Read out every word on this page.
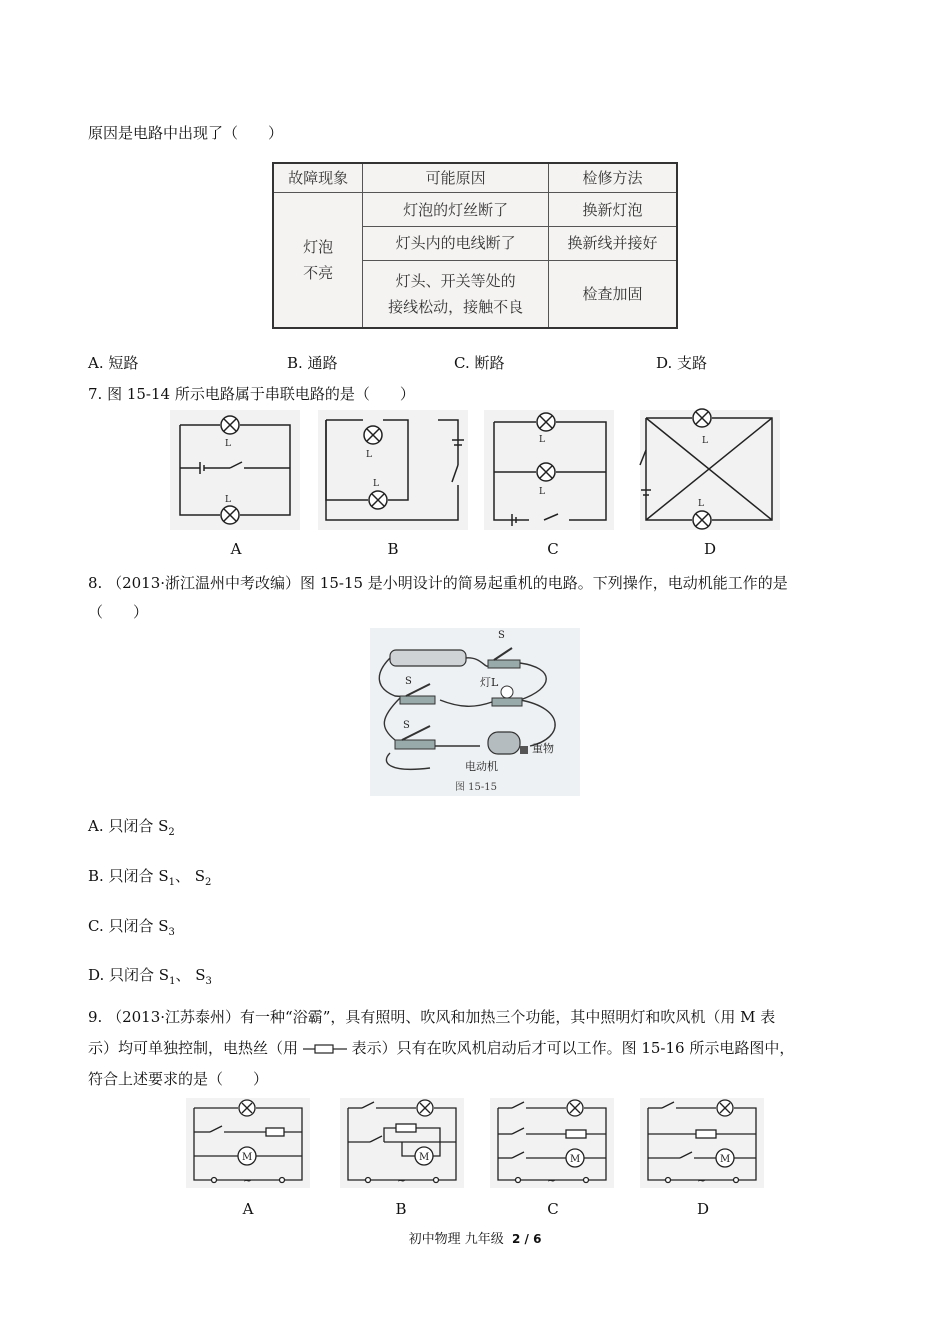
原因是电路中出现了（　　）
故障现象	可能原因	检修方法

灯泡
不亮	灯泡的灯丝断了	换新灯泡
	灯头内的电线断了	换新线并接好

	灯头、开关等处的
接线松动，接触不良	检查加固
A. 短路	B. 通路	C. 断路	D. 支路
7. 图 15-14 所示电路属于串联电路的是（　　）
L
L
L
L
L
L
L
L
A	B	C	D
8. （2013·浙江温州中考改编）图 15-15 是小明设计的简易起重机的电路。下列操作，电动机能工作的是
（　　）
S
S
S
灯L
重物
电动机
图 15-15
A. 只闭合 $S_2$
B. 只闭合 $S_1$、 $S_2$
C. 只闭合 $S_3$
D. 只闭合 $S_1$、 $S_3$
9. （2013·江苏泰州）有一种“浴霸”，具有照明、吹风和加热三个功能，其中照明灯和吹风机（用 M 表
示）均可单独控制，电热丝（用	表示）只有在吹风机启动后才可以工作。图 15-16 所示电路图中，
符合上述要求的是（　　）
M
~
M
~
M
~
M
~
A	B	C	D
初中物理 九年级 2 / 6
